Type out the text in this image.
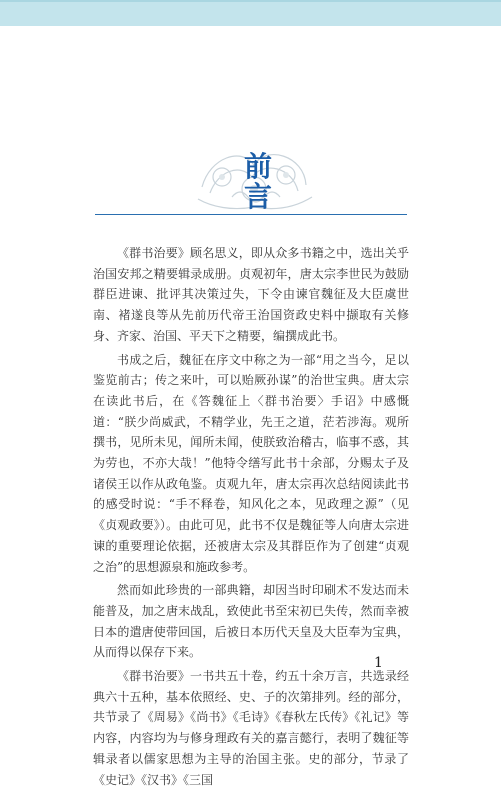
前
言

《群书治要》顾名思义，即从众多书籍之中，选出关乎治国安邦之精要辑录成册。贞观初年，唐太宗李世民为鼓励群臣进谏、批评其决策过失，下令由谏官魏征及大臣虞世南、褚遂良等从先前历代帝王治国资政史料中撷取有关修身、齐家、治国、平天下之精要，编撰成此书。

书成之后，魏征在序文中称之为一部“用之当今，足以鉴览前古；传之来叶，可以贻厥孙谋”的治世宝典。唐太宗在读此书后，在《答魏征上〈群书治要〉手诏》中感慨道：“朕少尚威武，不精学业，先王之道，茫若涉海。观所撰书，见所未见，闻所未闻，使朕致治稽古，临事不惑，其为劳也，不亦大哉！”他特令缮写此书十余部，分赐太子及诸侯王以作从政龟鉴。贞观九年，唐太宗再次总结阅读此书的感受时说：“手不释卷，知风化之本，见政理之源”（见《贞观政要》）。由此可见，此书不仅是魏征等人向唐太宗进谏的重要理论依据，还被唐太宗及其群臣作为了创建“贞观之治”的思想源泉和施政参考。

然而如此珍贵的一部典籍，却因当时印刷术不发达而未能普及，加之唐末战乱，致使此书至宋初已失传，然而幸被日本的遣唐使带回国，后被日本历代天皇及大臣奉为宝典，从而得以保存下来。

《群书治要》一书共五十卷，约五十余万言，共选录经典六十五种，基本依照经、史、子的次第排列。经的部分，共节录了《周易》《尚书》《毛诗》《春秋左氏传》《礼记》等内容，内容均为与修身理政有关的嘉言懿行，表明了魏征等辑录者以儒家思想为主导的治国主张。史的部分，节录了《史记》《汉书》《三国

1
